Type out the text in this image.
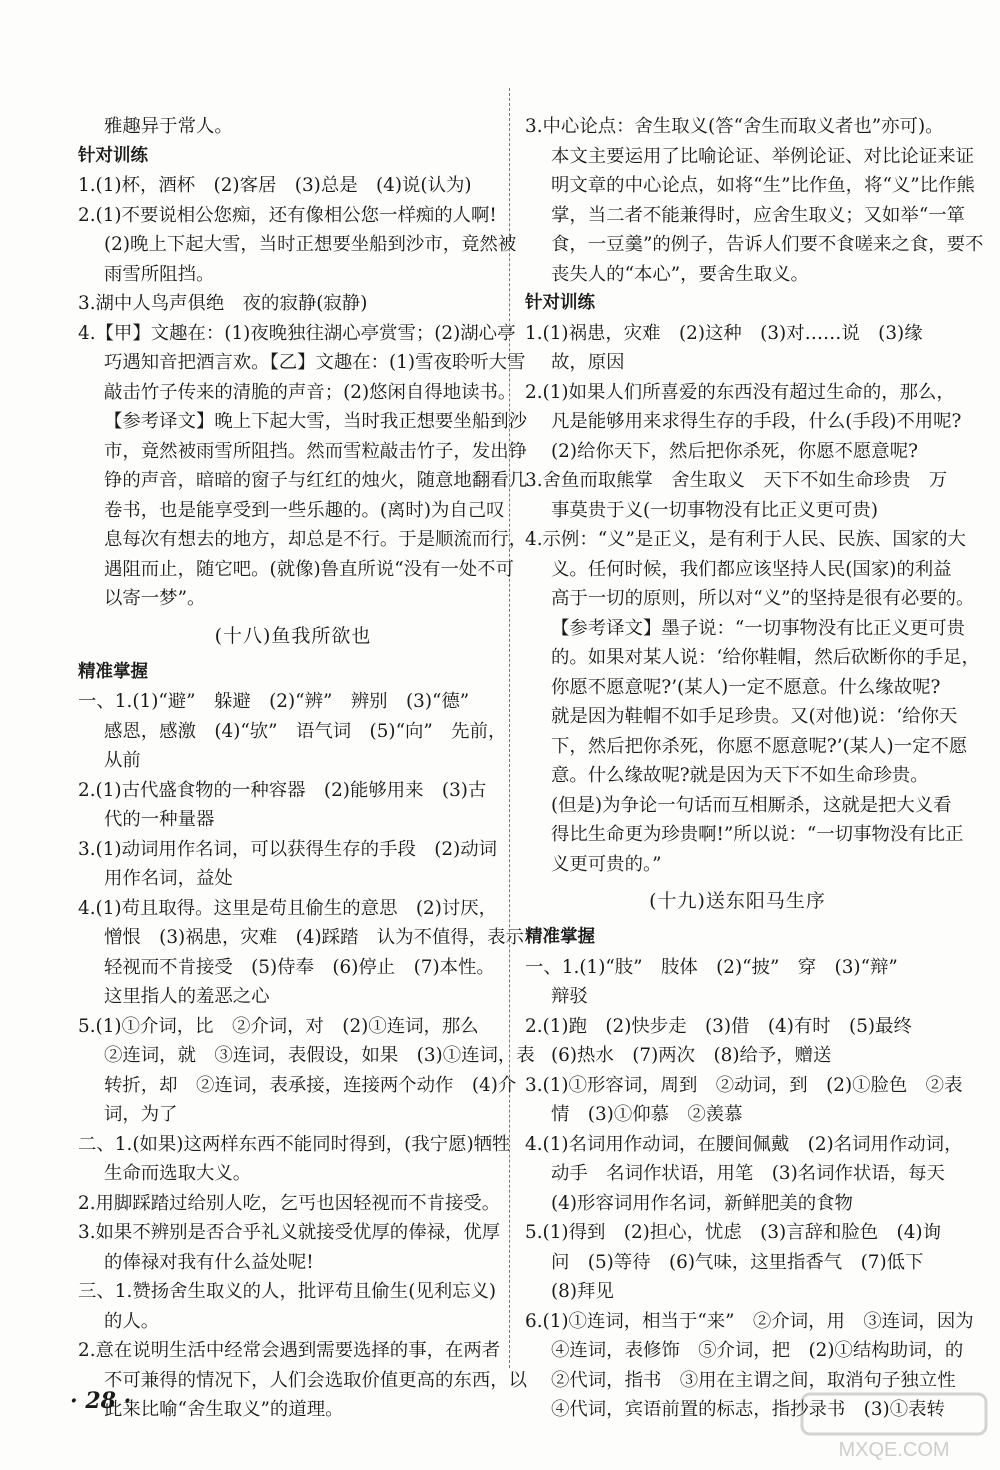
雅趣异于常人。
针对训练
1.(1)杯，酒杯　(2)客居　(3)总是　(4)说(认为)
2.(1)不要说相公您痴，还有像相公您一样痴的人啊!
(2)晚上下起大雪，当时正想要坐船到沙市，竟然被
雨雪所阻挡。
3.湖中人鸟声俱绝　夜的寂静(寂静)
4.【甲】文趣在：(1)夜晚独往湖心亭赏雪；(2)湖心亭
巧遇知音把酒言欢。【乙】文趣在：(1)雪夜聆听大雪
敲击竹子传来的清脆的声音；(2)悠闲自得地读书。
【参考译文】晚上下起大雪，当时我正想要坐船到沙
市，竟然被雨雪所阻挡。然而雪粒敲击竹子，发出铮
铮的声音，暗暗的窗子与红红的烛火，随意地翻看几
卷书，也是能享受到一些乐趣的。(离时)为自己叹
息每次有想去的地方，却总是不行。于是顺流而行，
遇阻而止，随它吧。(就像)鲁直所说“没有一处不可
以寄一梦”。
(十八)鱼我所欲也
精准掌握
一、1.(1)“避”　躲避　(2)“辨”　辨别　(3)“德”
感恩，感激　(4)“欤”　语气词　(5)“向”　先前，
从前
2.(1)古代盛食物的一种容器　(2)能够用来　(3)古
代的一种量器
3.(1)动词用作名词，可以获得生存的手段　(2)动词
用作名词，益处
4.(1)苟且取得。这里是苟且偷生的意思　(2)讨厌，
憎恨　(3)祸患，灾难　(4)踩踏　认为不值得，表示
轻视而不肯接受　(5)侍奉　(6)停止　(7)本性。
这里指人的羞恶之心
5.(1)①介词，比　②介词，对　(2)①连词，那么
②连词，就　③连词，表假设，如果　(3)①连词，表
转折，却　②连词，表承接，连接两个动作　(4)介
词，为了
二、1.(如果)这两样东西不能同时得到，(我宁愿)牺牲
生命而选取大义。
2.用脚踩踏过给别人吃，乞丐也因轻视而不肯接受。
3.如果不辨别是否合乎礼义就接受优厚的俸禄，优厚
的俸禄对我有什么益处呢!
三、1.赞扬舍生取义的人，批评苟且偷生(见利忘义)
的人。
2.意在说明生活中经常会遇到需要选择的事，在两者
不可兼得的情况下，人们会选取价值更高的东西，以
此来比喻“舍生取义”的道理。
3.中心论点：舍生取义(答“舍生而取义者也”亦可)。
本文主要运用了比喻论证、举例论证、对比论证来证
明文章的中心论点，如将“生”比作鱼，将“义”比作熊
掌，当二者不能兼得时，应舍生取义；又如举“一箪
食，一豆羹”的例子，告诉人们要不食嗟来之食，要不
丧失人的“本心”，要舍生取义。
针对训练
1.(1)祸患，灾难　(2)这种　(3)对……说　(3)缘
故，原因
2.(1)如果人们所喜爱的东西没有超过生命的，那么，
凡是能够用来求得生存的手段，什么(手段)不用呢?
(2)给你天下，然后把你杀死，你愿不愿意呢?
3.舍鱼而取熊掌　舍生取义　天下不如生命珍贵　万
事莫贵于义(一切事物没有比正义更可贵)
4.示例：“义”是正义，是有利于人民、民族、国家的大
义。任何时候，我们都应该坚持人民(国家)的利益
高于一切的原则，所以对“义”的坚持是很有必要的。
【参考译文】墨子说：“一切事物没有比正义更可贵
的。如果对某人说：‘给你鞋帽，然后砍断你的手足，
你愿不愿意呢?’(某人)一定不愿意。什么缘故呢?
就是因为鞋帽不如手足珍贵。又(对他)说：‘给你天
下，然后把你杀死，你愿不愿意呢?’(某人)一定不愿
意。什么缘故呢?就是因为天下不如生命珍贵。
(但是)为争论一句话而互相厮杀，这就是把大义看
得比生命更为珍贵啊!”所以说：“一切事物没有比正
义更可贵的。”
(十九)送东阳马生序
精准掌握
一、1.(1)“肢”　肢体　(2)“披”　穿　(3)“辩”
辩驳
2.(1)跑　(2)快步走　(3)借　(4)有时　(5)最终
(6)热水　(7)两次　(8)给予，赠送
3.(1)①形容词，周到　②动词，到　(2)①脸色　②表
情　(3)①仰慕　②羡慕
4.(1)名词用作动词，在腰间佩戴　(2)名词用作动词，
动手　名词作状语，用笔　(3)名词作状语，每天
(4)形容词用作名词，新鲜肥美的食物
5.(1)得到　(2)担心，忧虑　(3)言辞和脸色　(4)询
问　(5)等待　(6)气味，这里指香气　(7)低下
(8)拜见
6.(1)①连词，相当于“来”　②介词，用　③连词，因为
④连词，表修饰　⑤介词，把　(2)①结构助词，的
②代词，指书　③用在主谓之间，取消句子独立性
④代词，宾语前置的标志，指抄录书　(3)①表转
· 28 ·
MXQE.COM
